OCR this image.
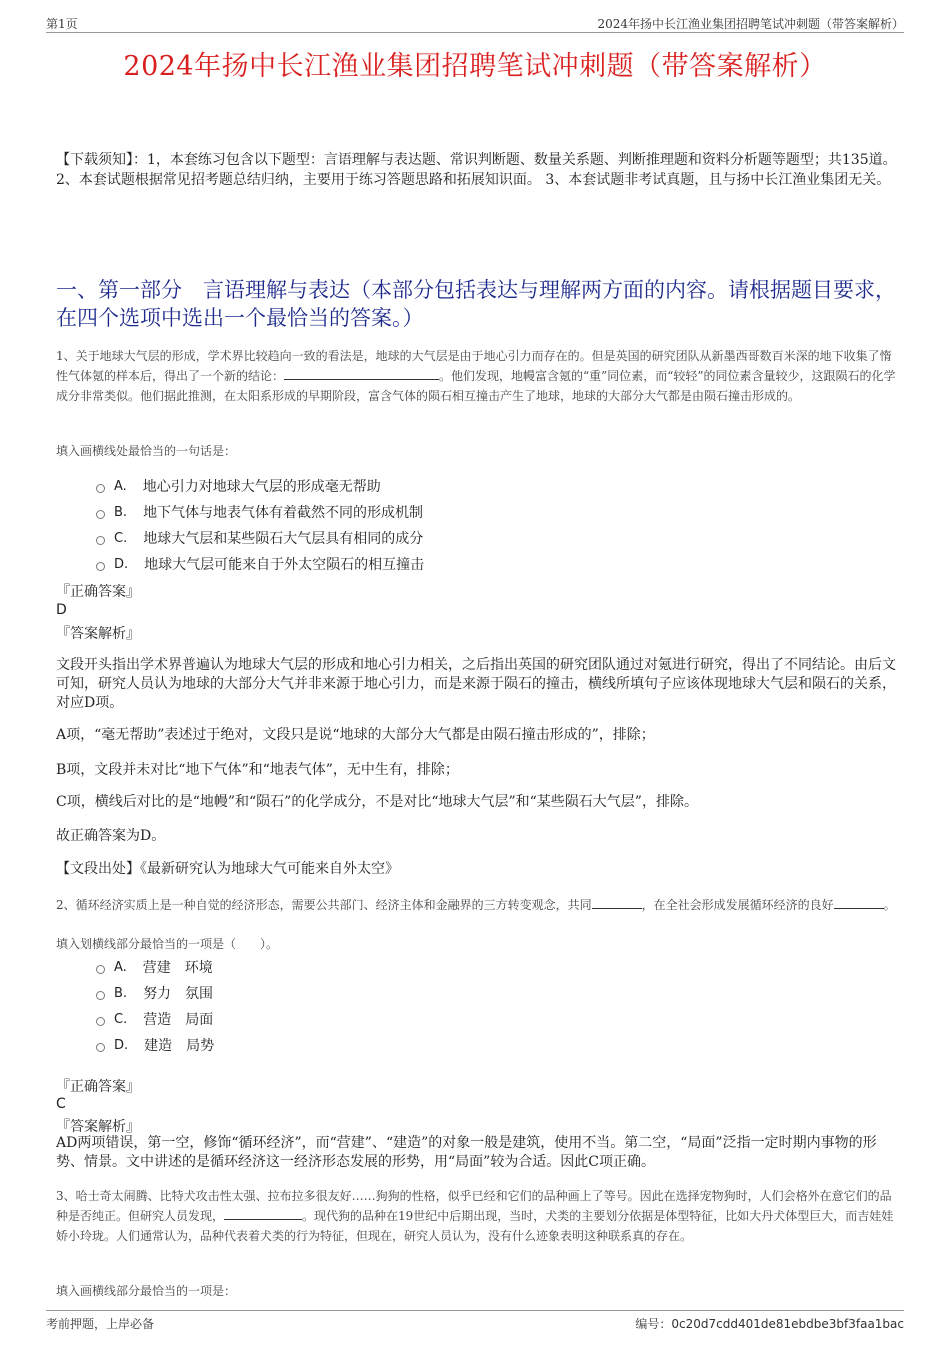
第1页	2024年扬中长江渔业集团招聘笔试冲刺题（带答案解析）
2024年扬中长江渔业集团招聘笔试冲刺题（带答案解析）
【下载须知】：1，本套练习包含以下题型：言语理解与表达题、常识判断题、数量关系题、判断推理题和资料分析题等题型；共135道。 2、本套试题根据常见招考题总结归纳，主要用于练习答题思路和拓展知识面。 3、本套试题非考试真题，且与扬中长江渔业集团无关。
一、第一部分　言语理解与表达（本部分包括表达与理解两方面的内容。请根据题目要求，在四个选项中选出一个最恰当的答案。）
1、关于地球大气层的形成，学术界比较趋向一致的看法是，地球的大气层是由于地心引力而存在的。但是英国的研究团队从新墨西哥数百米深的地下收集了惰性气体氪的样本后，得出了一个新的结论：	。他们发现，地幔富含氪的“重”同位素，而“较轻”的同位素含量较少，这跟陨石的化学成分非常类似。他们据此推测，在太阳系形成的早期阶段，富含气体的陨石相互撞击产生了地球，地球的大部分大气都是由陨石撞击形成的。
填入画横线处最恰当的一句话是：
A. 地心引力对地球大气层的形成毫无帮助
B. 地下气体与地表气体有着截然不同的形成机制
C. 地球大气层和某些陨石大气层具有相同的成分
D. 地球大气层可能来自于外太空陨石的相互撞击
『正确答案』
D
『答案解析』
文段开头指出学术界普遍认为地球大气层的形成和地心引力相关，之后指出英国的研究团队通过对氪进行研究，得出了不同结论。由后文可知，研究人员认为地球的大部分大气并非来源于地心引力，而是来源于陨石的撞击，横线所填句子应该体现地球大气层和陨石的关系，对应D项。
A项，“毫无帮助”表述过于绝对，文段只是说“地球的大部分大气都是由陨石撞击形成的”，排除；
B项，文段并未对比“地下气体”和“地表气体”，无中生有，排除；
C项，横线后对比的是“地幔”和“陨石”的化学成分，不是对比“地球大气层”和“某些陨石大气层”，排除。
故正确答案为D。
【文段出处】《最新研究认为地球大气可能来自外太空》
2、循环经济实质上是一种自觉的经济形态，需要公共部门、经济主体和金融界的三方转变观念，共同	，在全社会形成发展循环经济的良好	。
填入划横线部分最恰当的一项是（　　）。
A. 营建　环境
B. 努力　氛围
C. 营造　局面
D. 建造　局势
『正确答案』
C
『答案解析』
AD两项错误，第一空，修饰“循环经济”，而“营建”、“建造”的对象一般是建筑，使用不当。第二空，“局面”泛指一定时期内事物的形势、情景。文中讲述的是循环经济这一经济形态发展的形势，用“局面”较为合适。因此C项正确。
3、哈士奇太闹腾、比特犬攻击性太强、拉布拉多很友好……狗狗的性格，似乎已经和它们的品种画上了等号。因此在选择宠物狗时，人们会格外在意它们的品种是否纯正。但研究人员发现，	。现代狗的品种在19世纪中后期出现，当时，犬类的主要划分依据是体型特征，比如大丹犬体型巨大，而吉娃娃娇小玲珑。人们通常认为，品种代表着犬类的行为特征，但现在，研究人员认为，没有什么迹象表明这种联系真的存在。
填入画横线部分最恰当的一项是：
考前押题，上岸必备	编号：0c20d7cdd401de81ebdbe3bf3faa1bac
